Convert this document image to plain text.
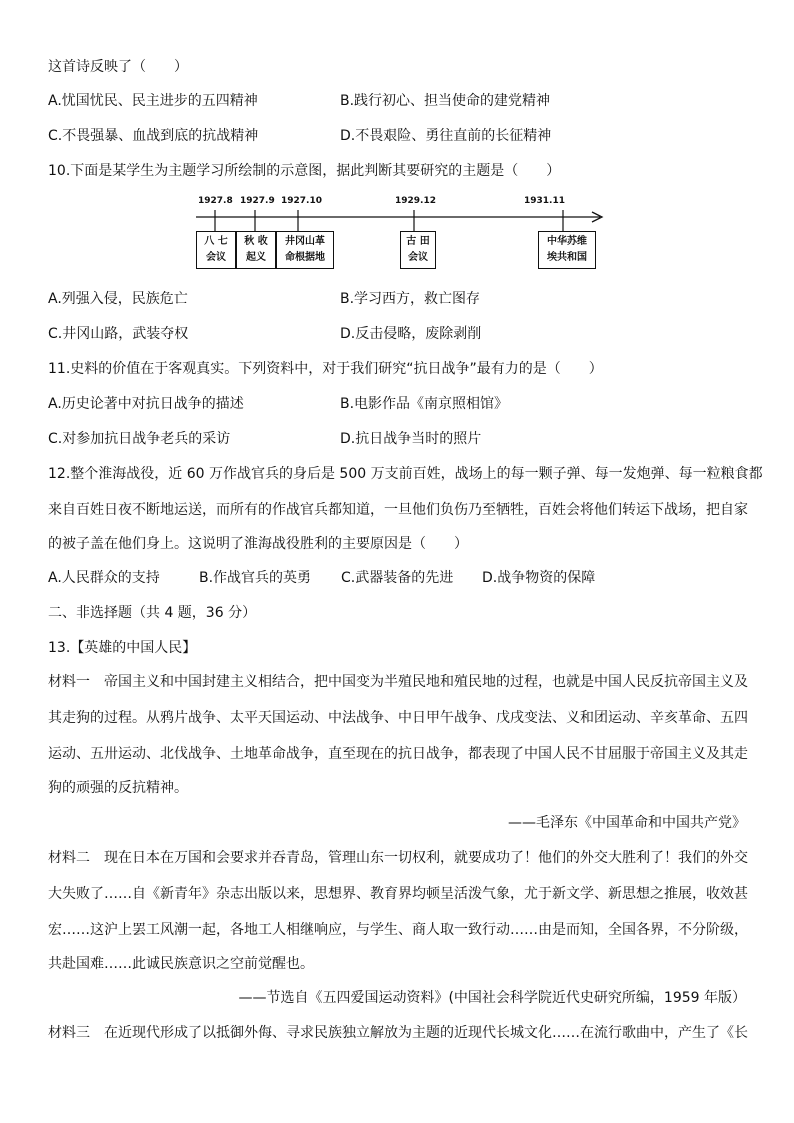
这首诗反映了（　　）
A.忧国忧民、民主进步的五四精神	B.践行初心、担当使命的建党精神
C.不畏强暴、血战到底的抗战精神	D.不畏艰险、勇往直前的长征精神
10.下面是某学生为主题学习所绘制的示意图，据此判断其要研究的主题是（　　）
1927.8 1927.9 1927.10	1929.12	1931.11
八 七
会议
秋 收
起义
井冈山革
命根据地
古 田
会议
中华苏维
埃共和国
A.列强入侵，民族危亡	B.学习西方，救亡图存
C.井冈山路，武装夺权	D.反击侵略，废除剥削
11.史料的价值在于客观真实。下列资料中，对于我们研究“抗日战争”最有力的是（　　）
A.历史论著中对抗日战争的描述	B.电影作品《南京照相馆》
C.对参加抗日战争老兵的采访	D.抗日战争当时的照片
12.整个淮海战役，近 60 万作战官兵的身后是 500 万支前百姓，战场上的每一颗子弹、每一发炮弹、每一粒粮食都
来自百姓日夜不断地运送，而所有的作战官兵都知道，一旦他们负伤乃至牺牲，百姓会将他们转运下战场，把自家
的被子盖在他们身上。这说明了淮海战役胜利的主要原因是（　　）
A.人民群众的支持	B.作战官兵的英勇 C.武器装备的先进 D.战争物资的保障
二、非选择题（共 4 题，36 分）
13.【英雄的中国人民】
材料一　帝国主义和中国封建主义相结合，把中国变为半殖民地和殖民地的过程，也就是中国人民反抗帝国主义及
其走狗的过程。从鸦片战争、太平天国运动、中法战争、中日甲午战争、戊戌变法、义和团运动、辛亥革命、五四
运动、五卅运动、北伐战争、土地革命战争，直至现在的抗日战争，都表现了中国人民不甘屈服于帝国主义及其走
狗的顽强的反抗精神。
——毛泽东《中国革命和中国共产党》
材料二　现在日本在万国和会要求并吞青岛，管理山东一切权利，就要成功了！他们的外交大胜利了！我们的外交
大失败了……自《新青年》杂志出版以来，思想界、教育界均顿呈活泼气象，尤于新文学、新思想之推展，收效甚
宏……这沪上罢工风潮一起，各地工人相继响应，与学生、商人取一致行动……由是而知，全国各界，不分阶级，
共赴国难……此诚民族意识之空前觉醒也。
——节选自《五四爱国运动资料》(中国社会科学院近代史研究所编，1959 年版）
材料三　在近现代形成了以抵御外侮、寻求民族独立解放为主题的近现代长城文化……在流行歌曲中，产生了《长
